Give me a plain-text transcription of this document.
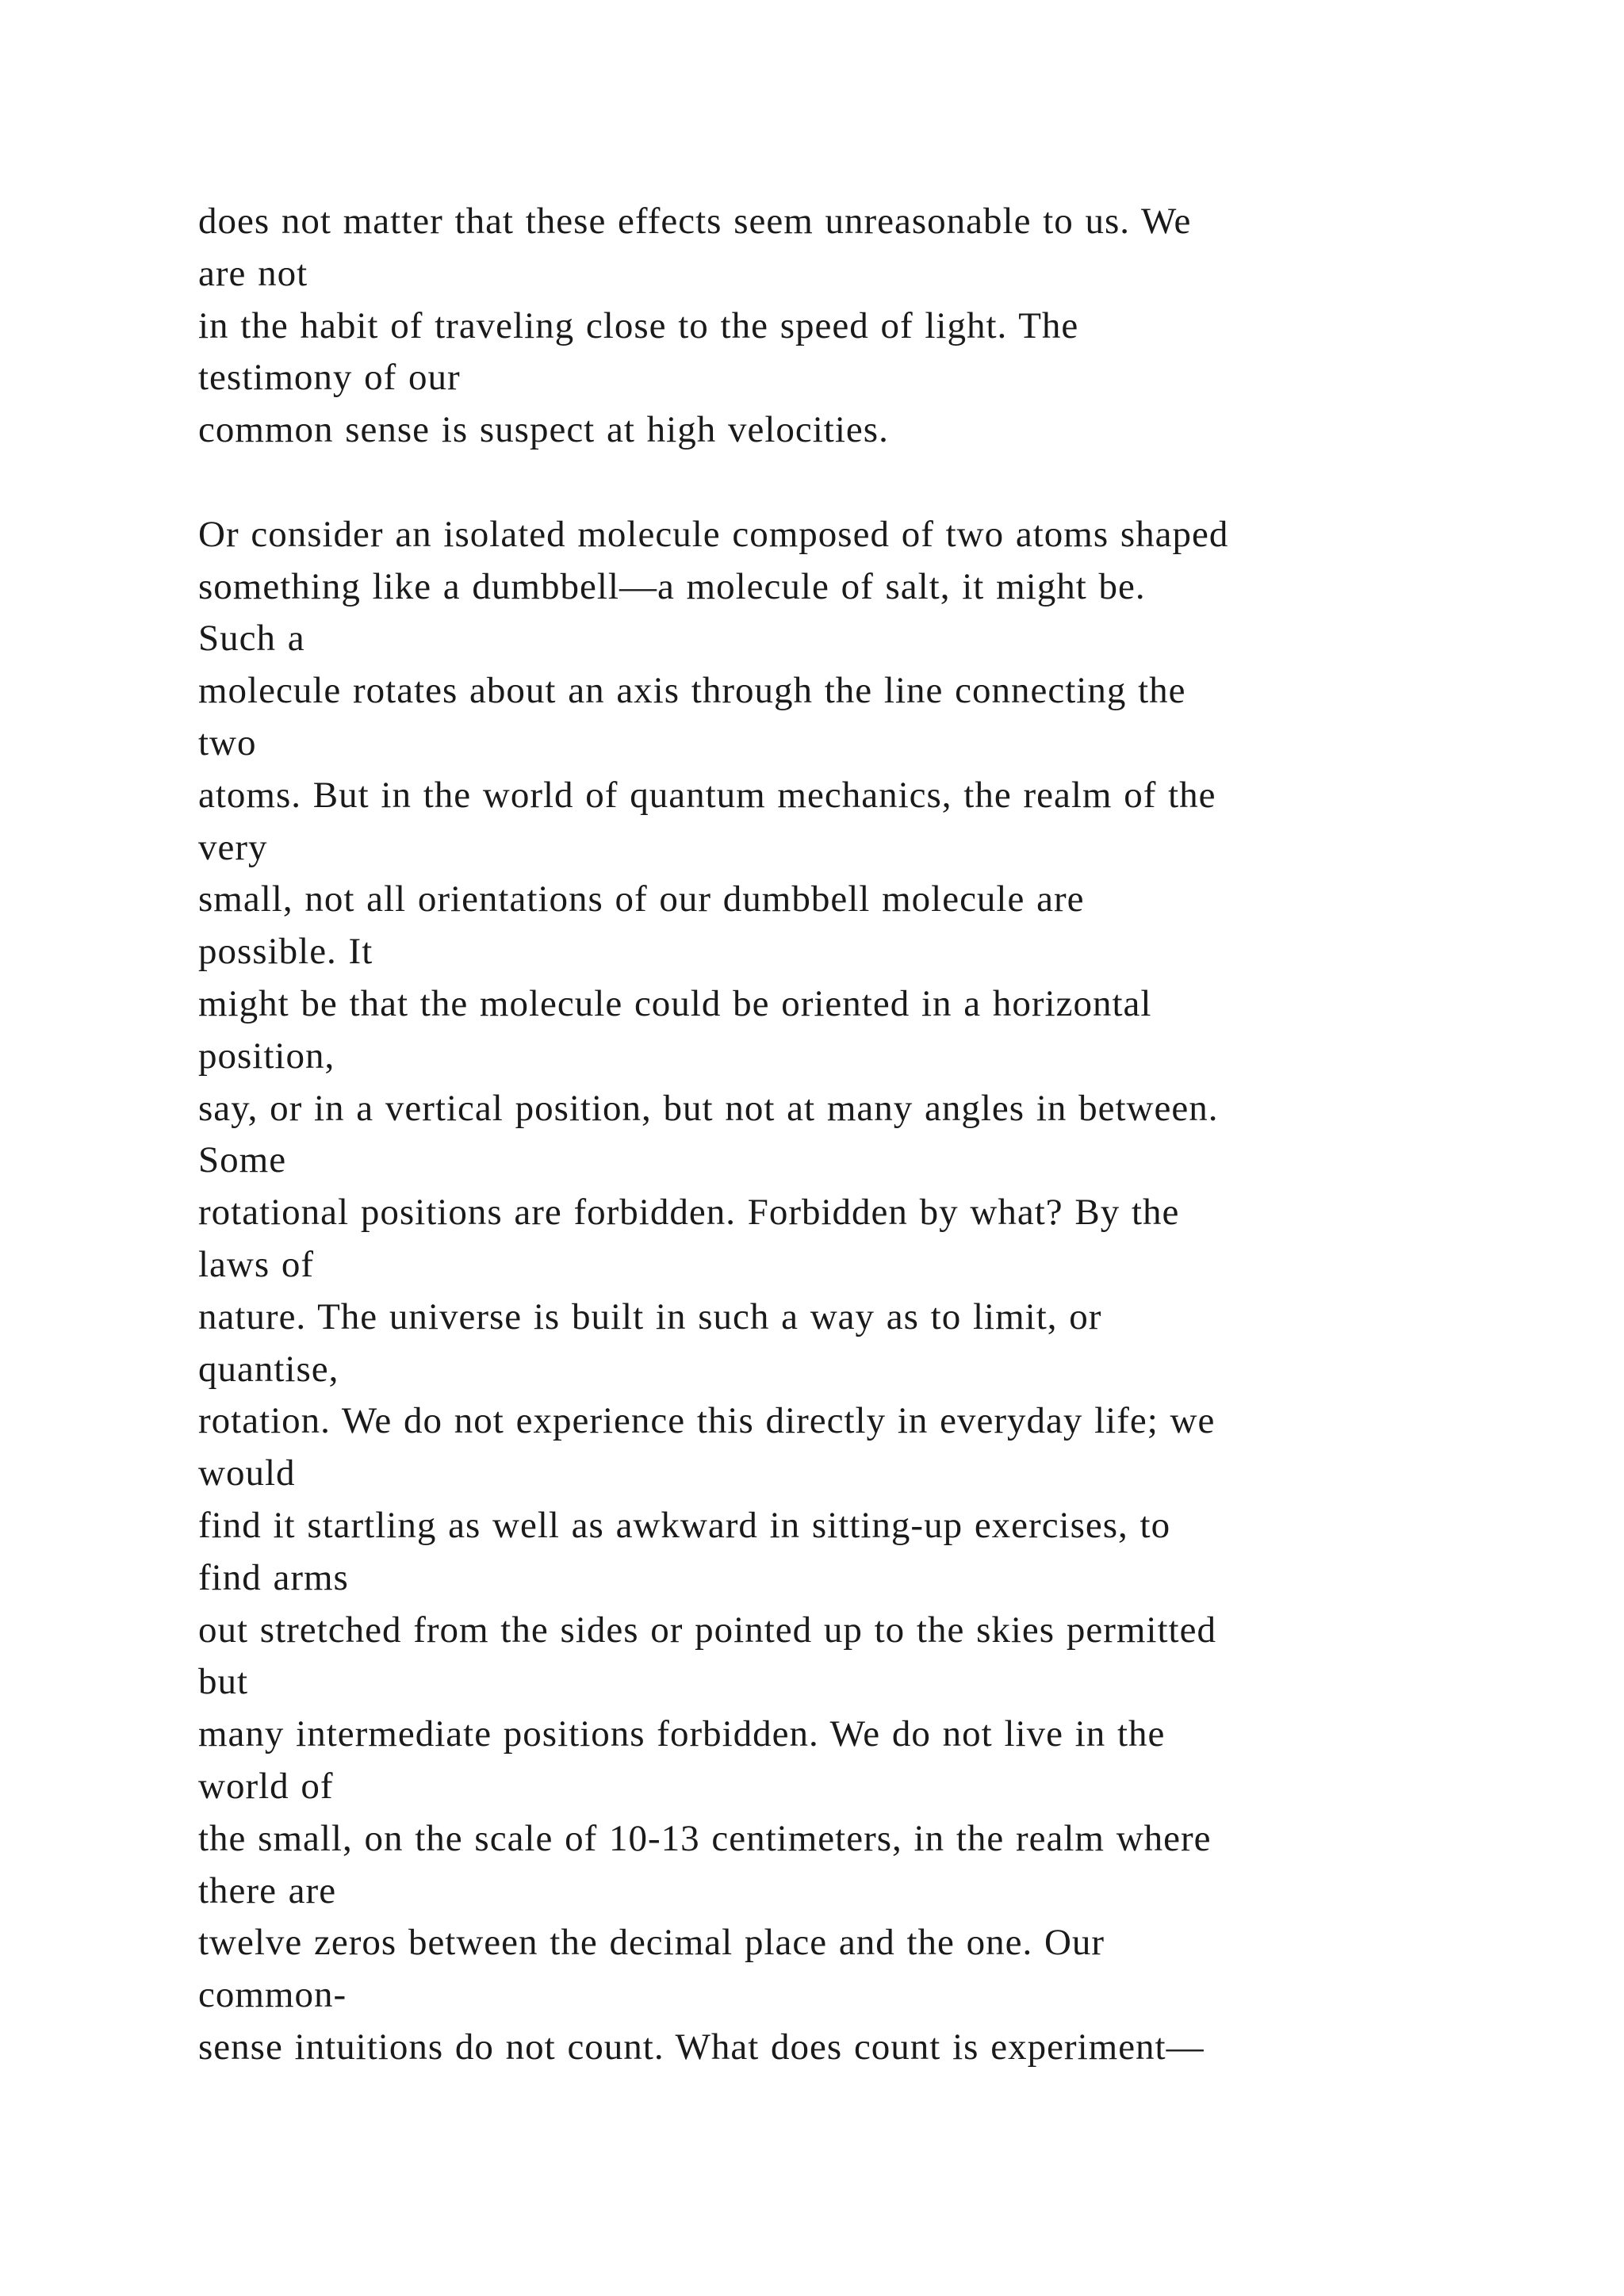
does not matter that these effects seem unreasonable to us. We
are not
in the habit of traveling close to the speed of light. The
testimony of our
common sense is suspect at high velocities.
Or consider an isolated molecule composed of two atoms shaped
something like a dumbbell—a molecule of salt, it might be.
Such a
molecule rotates about an axis through the line connecting the
two
atoms. But in the world of quantum mechanics, the realm of the
very
small, not all orientations of our dumbbell molecule are
possible. It
might be that the molecule could be oriented in a horizontal
position,
say, or in a vertical position, but not at many angles in between.
Some
rotational positions are forbidden. Forbidden by what? By the
laws of
nature. The universe is built in such a way as to limit, or
quantise,
rotation. We do not experience this directly in everyday life; we
would
find it startling as well as awkward in sitting-up exercises, to
find arms
out stretched from the sides or pointed up to the skies permitted
but
many intermediate positions forbidden. We do not live in the
world of
the small, on the scale of 10-13 centimeters, in the realm where
there are
twelve zeros between the decimal place and the one. Our
common-
sense intuitions do not count. What does count is experiment—
